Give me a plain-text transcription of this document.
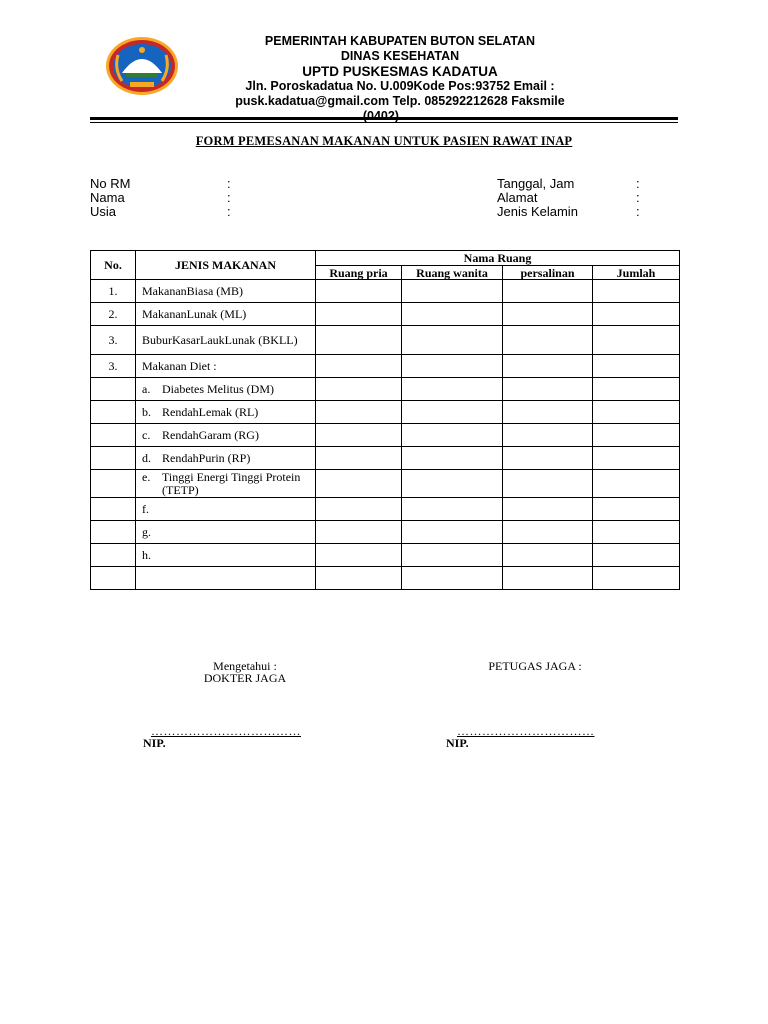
PEMERINTAH KABUPATEN BUTON SELATAN
DINAS KESEHATAN
UPTD PUSKESMAS KADATUA
Jln. Poroskadatua No. U.009Kode Pos:93752 Email :
pusk.kadatua@gmail.com Telp. 085292212628 Faksmile
(0402) ..........
FORM PEMESANAN MAKANAN UNTUK PASIEN RAWAT INAP
No RM	:
Nama	:
Usia	:
Tanggal, Jam	:
Alamat	:
Jenis Kelamin	:
No.	JENIS MAKANAN	Nama Ruang			
		Ruang pria	Ruang wanita	persalinan	Jumlah
1.	MakananBiasa (MB)				
2.	MakananLunak (ML)				
3.	BuburKasarLaukLunak (BKLL)				
3.	Makanan Diet :				
	a. Diabetes Melitus (DM)				
	b. RendahLemak (RL)				
	c. RendahGaram (RG)				
	d. RendahPurin (RP)				
	e. Tinggi Energi Tinggi Protein (TETP)				
	f.				
	g.				
	h.				

Mengetahui :
DOKTER JAGA
PETUGAS JAGA :
………………………………	……………………………
NIP.	NIP.
